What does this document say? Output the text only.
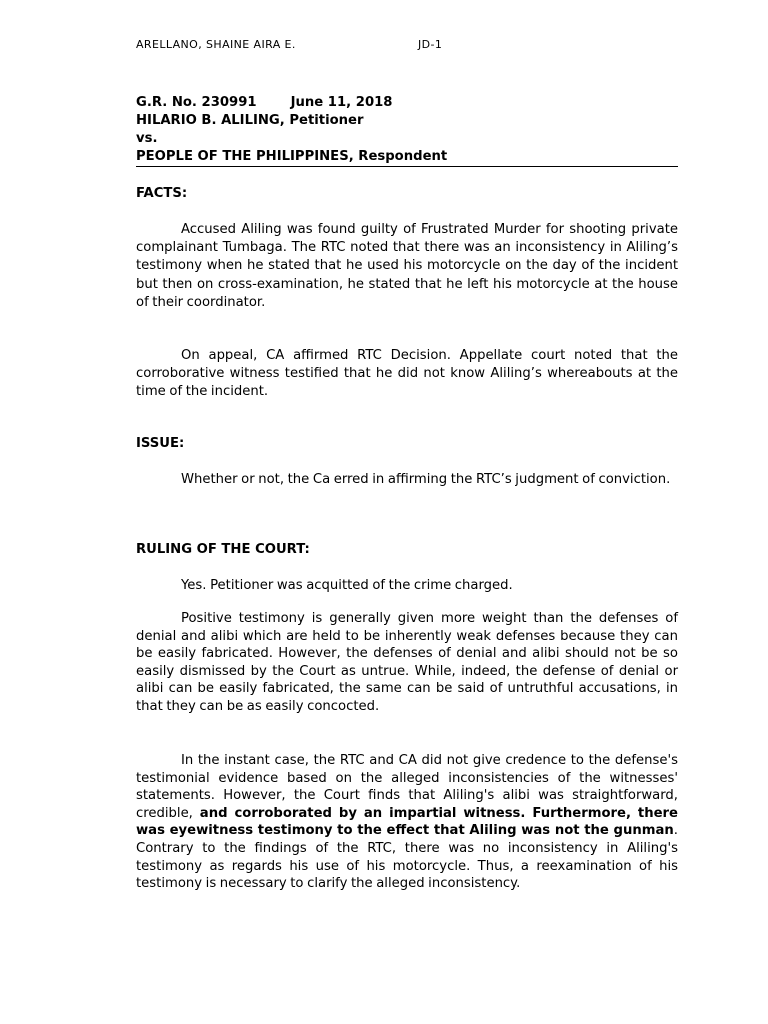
ARELLANO, SHAINE AIRA E.	JD-1
G.R. No. 230991	June 11, 2018
HILARIO B. ALILING, Petitioner
vs.
PEOPLE OF THE PHILIPPINES, Respondent
FACTS:

Accused Aliling was found guilty of Frustrated Murder for shooting private complainant Tumbaga. The RTC noted that there was an inconsistency in Aliling’s testimony when he stated that he used his motorcycle on the day of the incident but then on cross-examination, he stated that he left his motorcycle at the house of their coordinator.

On appeal, CA affirmed RTC Decision. Appellate court noted that the corroborative witness testified that he did not know Aliling’s whereabouts at the time of the incident.

ISSUE:

Whether or not, the Ca erred in affirming the RTC’s judgment of conviction.

RULING OF THE COURT:

Yes. Petitioner was acquitted of the crime charged.

Positive testimony is generally given more weight than the defenses of denial and alibi which are held to be inherently weak defenses because they can be easily fabricated. However, the defenses of denial and alibi should not be so easily dismissed by the Court as untrue. While, indeed, the defense of denial or alibi can be easily fabricated, the same can be said of untruthful accusations, in that they can be as easily concocted.

In the instant case, the RTC and CA did not give credence to the defense's testimonial evidence based on the alleged inconsistencies of the witnesses' statements. However, the Court finds that Aliling's alibi was straightforward, credible, and corroborated by an impartial witness. Furthermore, there was eyewitness testimony to the effect that Aliling was not the gunman. Contrary to the findings of the RTC, there was no inconsistency in Aliling's testimony as regards his use of his motorcycle. Thus, a reexamination of his testimony is necessary to clarify the alleged inconsistency.
